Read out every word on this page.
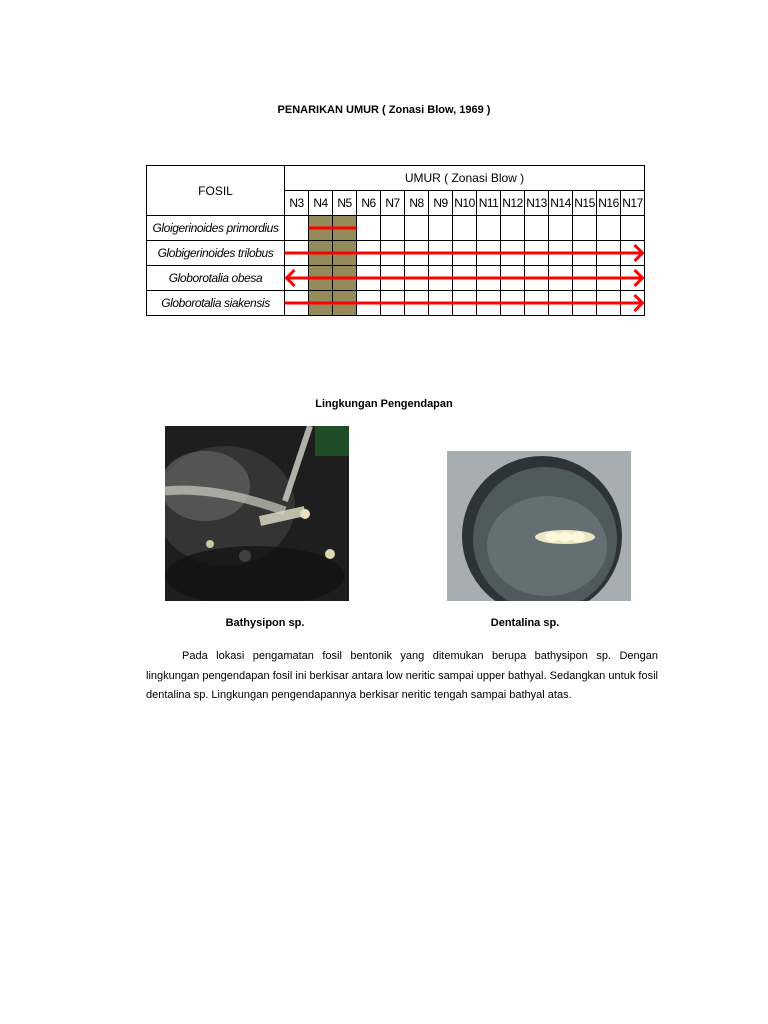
PENARIKAN UMUR ( Zonasi Blow, 1969 )
FOSIL	UMUR ( Zonasi Blow )														
	N3	N4	N5	N6	N7	N8	N9	N10	N11	N12	N13	N14	N15	N16	N17
Gloigerinoides primordius															
Globigerinoides trilobus															
Globorotalia obesa															
Globorotalia siakensis															
Lingkungan Pengendapan
Bathysipon sp.	Dentalina sp.
Pada lokasi pengamatan fosil bentonik yang ditemukan berupa bathysipon sp. Dengan lingkungan pengendapan fosil ini berkisar antara low neritic sampai upper bathyal. Sedangkan untuk fosil dentalina sp. Lingkungan pengendapannya berkisar neritic tengah sampai bathyal atas.
